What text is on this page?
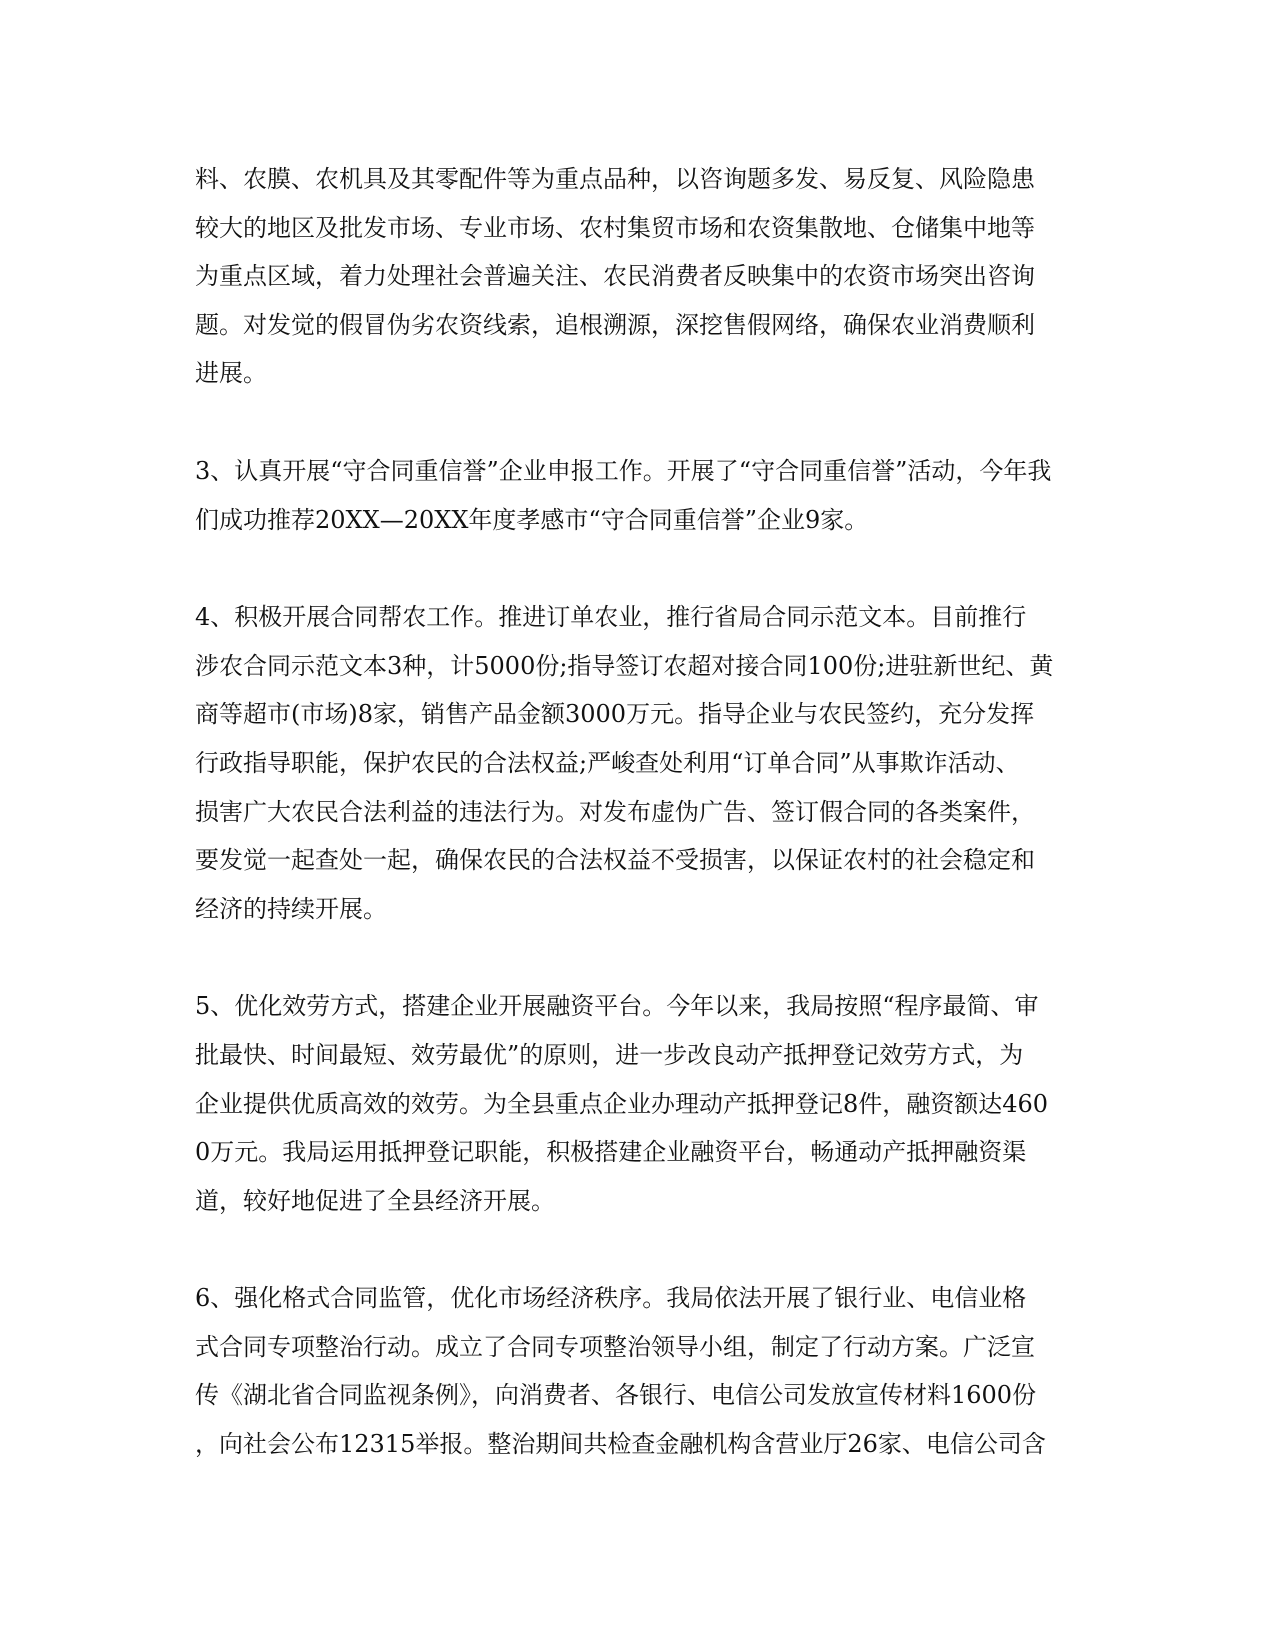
料、农膜、农机具及其零配件等为重点品种，以咨询题多发、易反复、风险隐患
较大的地区及批发市场、专业市场、农村集贸市场和农资集散地、仓储集中地等
为重点区域，着力处理社会普遍关注、农民消费者反映集中的农资市场突出咨询
题。对发觉的假冒伪劣农资线索，追根溯源，深挖售假网络，确保农业消费顺利
进展。

3、认真开展“守合同重信誉”企业申报工作。开展了“守合同重信誉”活动，今年我
们成功推荐20XX—20XX年度孝感市“守合同重信誉”企业9家。

4、积极开展合同帮农工作。推进订单农业，推行省局合同示范文本。目前推行
涉农合同示范文本3种，计5000份;指导签订农超对接合同100份;进驻新世纪、黄
商等超市(市场)8家，销售产品金额3000万元。指导企业与农民签约，充分发挥
行政指导职能，保护农民的合法权益;严峻查处利用“订单合同”从事欺诈活动、
损害广大农民合法利益的违法行为。对发布虚伪广告、签订假合同的各类案件，
要发觉一起查处一起，确保农民的合法权益不受损害，以保证农村的社会稳定和
经济的持续开展。

5、优化效劳方式，搭建企业开展融资平台。今年以来，我局按照“程序最简、审
批最快、时间最短、效劳最优”的原则，进一步改良动产抵押登记效劳方式，为
企业提供优质高效的效劳。为全县重点企业办理动产抵押登记8件，融资额达460
0万元。我局运用抵押登记职能，积极搭建企业融资平台，畅通动产抵押融资渠
道，较好地促进了全县经济开展。

6、强化格式合同监管，优化市场经济秩序。我局依法开展了银行业、电信业格
式合同专项整治行动。成立了合同专项整治领导小组，制定了行动方案。广泛宣
传《湖北省合同监视条例》，向消费者、各银行、电信公司发放宣传材料1600份
，向社会公布12315举报。整治期间共检查金融机构含营业厅26家、电信公司含
